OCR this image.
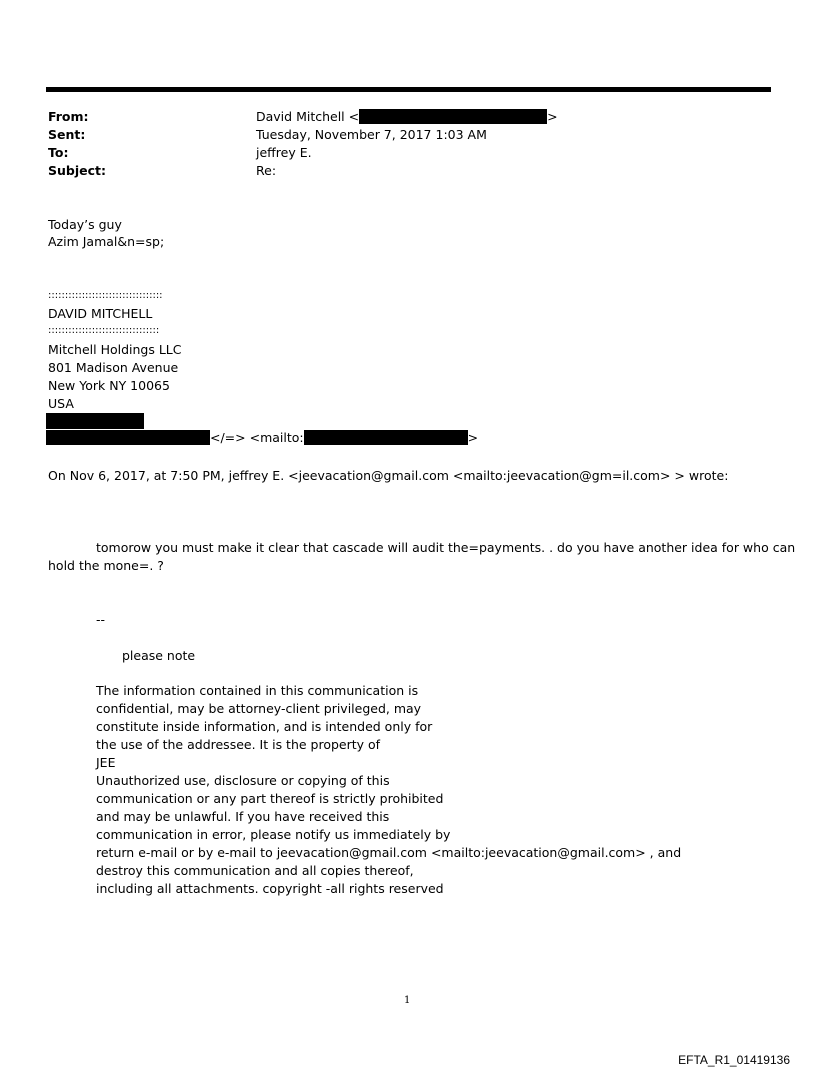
From:	David Mitchell <	>
Sent:	Tuesday, November 7, 2017 1:03 AM
To:	jeffrey E.
Subject:	Re:
Today’s guy
Azim Jamal&n=sp;
::::::::::::::::::::::::::::::::::
DAVID MITCHELL
:::::::::::::::::::::::::::::::::
Mitchell Holdings LLC
801 Madison Avenue
New York NY 10065
USA
</=> <mailto:	>
On Nov 6, 2017, at 7:50 PM, jeffrey E. <jeevacation@gmail.com <mailto:jeevacation@gm=il.com> > wrote:
tomorow you must make it clear that cascade will audit the=payments. . do you have another idea for who can
hold the mone=. ?
--
please note
The information contained in this communication is
confidential, may be attorney-client privileged, may
constitute inside information, and is intended only for
the use of the addressee. It is the property of
JEE
Unauthorized use, disclosure or copying of this
communication or any part thereof is strictly prohibited
and may be unlawful. If you have received this
communication in error, please notify us immediately by
return e-mail or by e-mail to jeevacation@gmail.com <mailto:jeevacation@gmail.com> , and
destroy this communication and all copies thereof,
including all attachments. copyright -all rights reserved
1
EFTA_R1_01419136
